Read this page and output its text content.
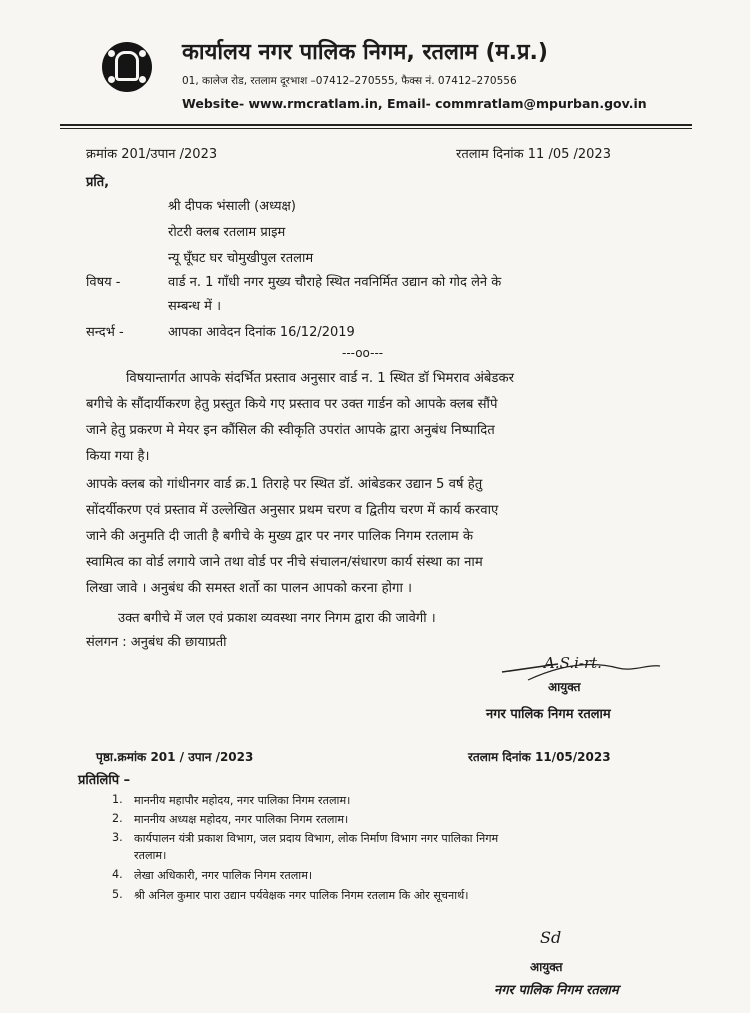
कार्यालय नगर पालिक निगम, रतलाम (म.प्र.)
01, कालेज रोड, रतलाम दूरभाश –07412–270555, फैक्स नं. 07412–270556
Website- www.rmcratlam.in, Email- commratlam@mpurban.gov.in
क्रमांक 201/उपान /2023	रतलाम दिनांक 11 /05 /2023
प्रति,
श्री दीपक भंसाली (अध्यक्ष)
रोटरी क्लब रतलाम प्राइम
न्यू घूँघट घर चोमुखीपुल रतलाम
विषय -	वार्ड न. 1 गाँधी नगर मुख्य चौराहे स्थित नवनिर्मित उद्यान को गोद लेने के
सम्बन्ध में ।
सन्दर्भ -	आपका आवेदन दिनांक 16/12/2019
---oo---
विषयान्तार्गत आपके संदर्भित प्रस्ताव अनुसार वार्ड न. 1 स्थित डॉ भिमराव अंबेडकर
बगीचे के सौंदार्यीकरण हेतु प्रस्तुत किये गए प्रस्ताव पर उक्त गार्डन को आपके क्लब सौंपे
जाने हेतु प्रकरण मे मेयर इन कौंसिल की स्वीकृति उपरांत आपके द्वारा अनुबंध निष्पादित
किया गया है।
आपके क्लब को गांधीनगर वार्ड क्र.1 तिराहे पर स्थित डॉ. आंबेडकर उद्यान 5 वर्ष हेतु
सोंदर्यीकरण एवं प्रस्ताव में उल्लेखित अनुसार प्रथम चरण व द्वितीय चरण में कार्य करवाए
जाने की अनुमति दी जाती है बगीचे के मुख्य द्वार पर नगर पालिक निगम रतलाम के
स्वामित्व का वोर्ड लगाये जाने तथा वोर्ड पर नीचे संचालन/संधारण कार्य संस्था का नाम
लिखा जावे । अनुबंध की समस्त शर्तो का पालन आपको करना होगा ।
उक्त बगीचे में जल एवं प्रकाश व्यवस्था नगर निगम द्वारा की जावेगी ।
संलगन : अनुबंध की छायाप्रती
A.S.i-rt.
आयुक्त
नगर पालिक निगम रतलाम
पृष्ठा.क्रमांक 201 / उपान /2023	रतलाम दिनांक 11/05/2023
प्रतिलिपि –
1. माननीय महापौर महोदय, नगर पालिका निगम रतलाम।
2. माननीय अध्यक्ष महोदय, नगर पालिका निगम रतलाम।
3. कार्यपालन यंत्री प्रकाश विभाग, जल प्रदाय विभाग, लोक निर्माण विभाग नगर पालिका निगम
रतलाम।
4. लेखा अधिकारी, नगर पालिक निगम रतलाम।
5. श्री अनिल कुमार पारा उद्यान पर्यवेक्षक नगर पालिक निगम रतलाम कि ओर सूचनार्थ।
Sd
आयुक्त
नगर पालिक निगम रतलाम
